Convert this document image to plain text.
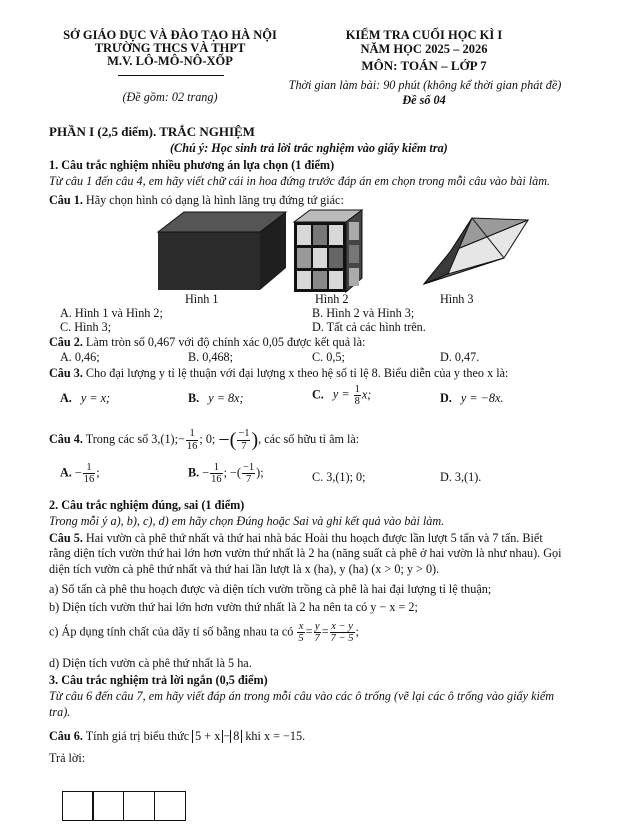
SỞ GIÁO DỤC VÀ ĐÀO TẠO HÀ NỘI
TRƯỜNG THCS VÀ THPT
M.V. LÔ-MÔ-NÔ-XỐP
(Đề gồm: 02 trang)
KIỂM TRA CUỐI HỌC KÌ I
NĂM HỌC 2025 – 2026
MÔN: TOÁN – LỚP 7
Thời gian làm bài: 90 phút (không kể thời gian phát đề)
Đề số 04
PHẦN I (2,5 điểm). TRẮC NGHIỆM
(Chú ý: Học sinh trả lời trắc nghiệm vào giấy kiểm tra)
1. Câu trắc nghiệm nhiều phương án lựa chọn (1 điểm)
Từ câu 1 đến câu 4, em hãy viết chữ cái in hoa đứng trước đáp án em chọn trong mỗi câu vào bài làm.
Câu 1. Hãy chọn hình có dạng là hình lăng trụ đứng tứ giác:
Hình 1	Hình 2	Hình 3
A. Hình 1 và Hình 2;	B. Hình 2 và Hình 3;
C. Hình 3;	D. Tất cả các hình trên.
Câu 2. Làm tròn số 0,467 với độ chính xác 0,05 được kết quả là:
A. 0,46;	B. 0,468;	C. 0,5;	D. 0,47.
Câu 3. Cho đại lượng y tỉ lệ thuận với đại lượng x theo hệ số tỉ lệ 8. Biểu diễn của y theo x là:
A. y = x;	B. y = 8x;	C. $y = \frac{1}{8} x$;	D. y = −8x.
Câu 4. Trong các số 3,(1);− $\frac{1}{16}$ ; 0; −( $\frac{-1}{7}$ ), các số hữu tỉ âm là:
A. − $\frac{1}{16}$ ;	B. − $\frac{1}{16}$ ; −( $\frac{-1}{7}$ );	C. 3,(1); 0;	D. 3,(1).
2. Câu trắc nghiệm đúng, sai (1 điểm)
Trong mỗi ý a), b), c), d) em hãy chọn Đúng hoặc Sai và ghi kết quả vào bài làm.
Câu 5. Hai vườn cà phê thứ nhất và thứ hai nhà bác Hoài thu hoạch được lần lượt 5 tấn và 7 tấn. Biết
rằng diện tích vườn thứ hai lớn hơn vườn thứ nhất là 2 ha (năng suất cà phê ở hai vườn là như nhau). Gọi
diện tích vườn cà phê thứ nhất và thứ hai lần lượt là x (ha), y (ha) (x > 0; y > 0).
a) Số tấn cà phê thu hoạch được và diện tích vườn trồng cà phê là hai đại lượng tỉ lệ thuận;
b) Diện tích vườn thứ hai lớn hơn vườn thứ nhất là 2 ha nên ta có y − x = 2;
c) Áp dụng tính chất của dãy tỉ số bằng nhau ta có $\frac{x}{5} = \frac{y}{7} = \frac{x - y}{7 - 5}$ ;
d) Diện tích vườn cà phê thứ nhất là 5 ha.
3. Câu trắc nghiệm trả lời ngắn (0,5 điểm)
Từ câu 6 đến câu 7, em hãy viết đáp án trong mỗi câu vào các ô trống (vẽ lại các ô trống vào giấy kiểm
tra).
Câu 6. Tính giá trị biểu thức 5 + x − 8 khi x = −15.
Trả lời:
